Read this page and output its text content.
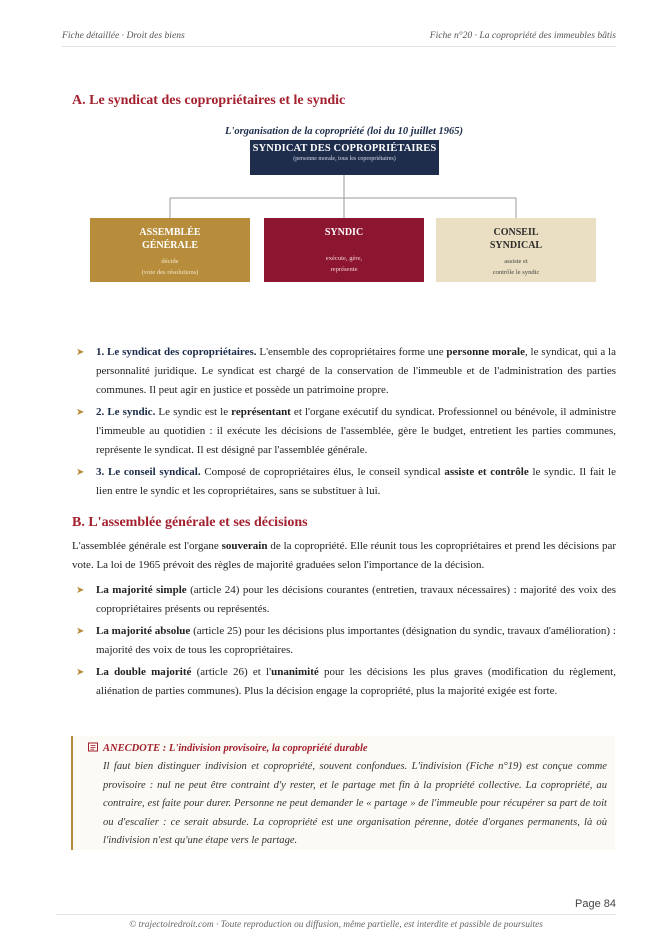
Fiche détaillée · Droit des biens	Fiche n°20 · La copropriété des immeubles bâtis
A. Le syndicat des copropriétaires et le syndic
L'organisation de la copropriété (loi du 10 juillet 1965)
SYNDICAT DES COPROPRIÉTAIRES
(personne morale, tous les copropriétaires)
ASSEMBLÉE
GÉNÉRALE
décide
(vote des résolutions)
SYNDIC
exécute, gère,
représente
CONSEIL
SYNDICAL
assiste et
contrôle le syndic
➤ 1. Le syndicat des copropriétaires. L'ensemble des copropriétaires forme une personne morale, le syndicat, qui a la personnalité juridique. Le syndicat est chargé de la conservation de l'immeuble et de l'administration des parties communes. Il peut agir en justice et possède un patrimoine propre.
➤ 2. Le syndic. Le syndic est le représentant et l'organe exécutif du syndicat. Professionnel ou bénévole, il administre l'immeuble au quotidien : il exécute les décisions de l'assemblée, gère le budget, entretient les parties communes, représente le syndicat. Il est désigné par l'assemblée générale.
➤ 3. Le conseil syndical. Composé de copropriétaires élus, le conseil syndical assiste et contrôle le syndic. Il fait le lien entre le syndic et les copropriétaires, sans se substituer à lui.
B. L'assemblée générale et ses décisions
L'assemblée générale est l'organe souverain de la copropriété. Elle réunit tous les copropriétaires et prend les décisions par vote. La loi de 1965 prévoit des règles de majorité graduées selon l'importance de la décision.
➤ La majorité simple (article 24) pour les décisions courantes (entretien, travaux nécessaires) : majorité des voix des copropriétaires présents ou représentés.
➤ La majorité absolue (article 25) pour les décisions plus importantes (désignation du syndic, travaux d'amélioration) : majorité des voix de tous les copropriétaires.
➤ La double majorité (article 26) et l'unanimité pour les décisions les plus graves (modification du règlement, aliénation de parties communes). Plus la décision engage la copropriété, plus la majorité exigée est forte.
ANECDOTE : L'indivision provisoire, la copropriété durable
Il faut bien distinguer indivision et copropriété, souvent confondues. L'indivision (Fiche n°19) est conçue comme provisoire : nul ne peut être contraint d'y rester, et le partage met fin à la propriété collective. La copropriété, au contraire, est faite pour durer. Personne ne peut demander le « partage » de l'immeuble pour récupérer sa part de toit ou d'escalier : ce serait absurde. La copropriété est une organisation pérenne, dotée d'organes permanents, là où l'indivision n'est qu'une étape vers le partage.
Page 84
© trajectoiredroit.com · Toute reproduction ou diffusion, même partielle, est interdite et passible de poursuites
